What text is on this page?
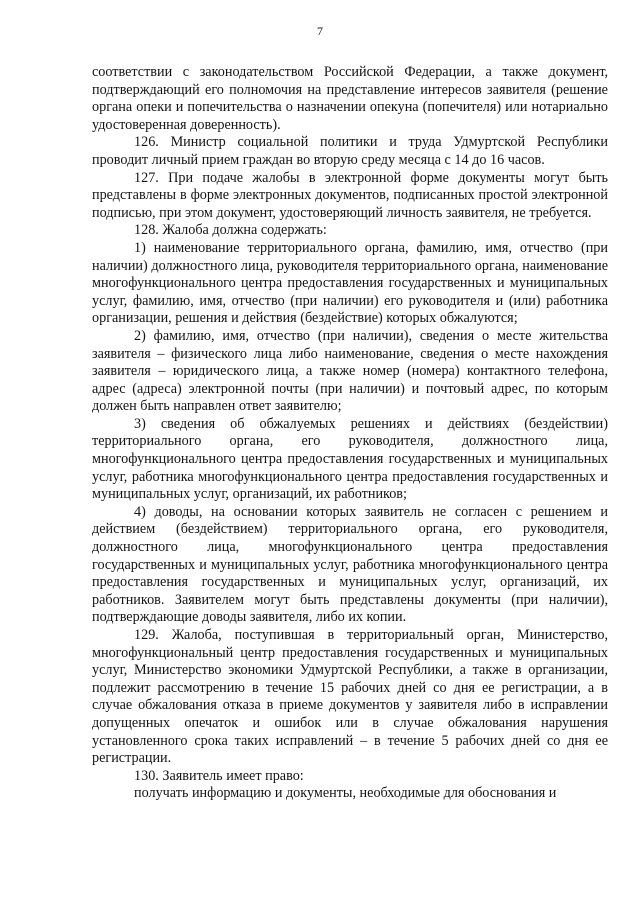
7

соответствии с законодательством Российской Федерации, а также документ, подтверждающий его полномочия на представление интересов заявителя (решение органа опеки и попечительства о назначении опекуна (попечителя) или нотариально удостоверенная доверенность).

126. Министр социальной политики и труда Удмуртской Республики проводит личный прием граждан во вторую среду месяца с 14 до 16 часов.

127. При подаче жалобы в электронной форме документы могут быть представлены в форме электронных документов, подписанных простой электронной подписью, при этом документ, удостоверяющий личность заявителя, не требуется.

128. Жалоба должна содержать:

1) наименование территориального органа, фамилию, имя, отчество (при наличии) должностного лица, руководителя территориального органа, наименование многофункционального центра предоставления государственных и муниципальных услуг, фамилию, имя, отчество (при наличии) его руководителя и (или) работника организации, решения и действия (бездействие) которых обжалуются;

2) фамилию, имя, отчество (при наличии), сведения о месте жительства заявителя – физического лица либо наименование, сведения о месте нахождения заявителя – юридического лица, а также номер (номера) контактного телефона, адрес (адреса) электронной почты (при наличии) и почтовый адрес, по которым должен быть направлен ответ заявителю;

3) сведения об обжалуемых решениях и действиях (бездействии) территориального органа, его руководителя, должностного лица, многофункционального центра предоставления государственных и муниципальных услуг, работника многофункционального центра предоставления государственных и муниципальных услуг, организаций, их работников;

4) доводы, на основании которых заявитель не согласен с решением и действием (бездействием) территориального органа, его руководителя, должностного лица, многофункционального центра предоставления государственных и муниципальных услуг, работника многофункционального центра предоставления государственных и муниципальных услуг, организаций, их работников. Заявителем могут быть представлены документы (при наличии), подтверждающие доводы заявителя, либо их копии.

129. Жалоба, поступившая в территориальный орган, Министерство, многофункциональный центр предоставления государственных и муниципальных услуг, Министерство экономики Удмуртской Республики, а также в организации, подлежит рассмотрению в течение 15 рабочих дней со дня ее регистрации, а в случае обжалования отказа в приеме документов у заявителя либо в исправлении допущенных опечаток и ошибок или в случае обжалования нарушения установленного срока таких исправлений – в течение 5 рабочих дней со дня ее регистрации.

130. Заявитель имеет право:

получать информацию и документы, необходимые для обоснования и
